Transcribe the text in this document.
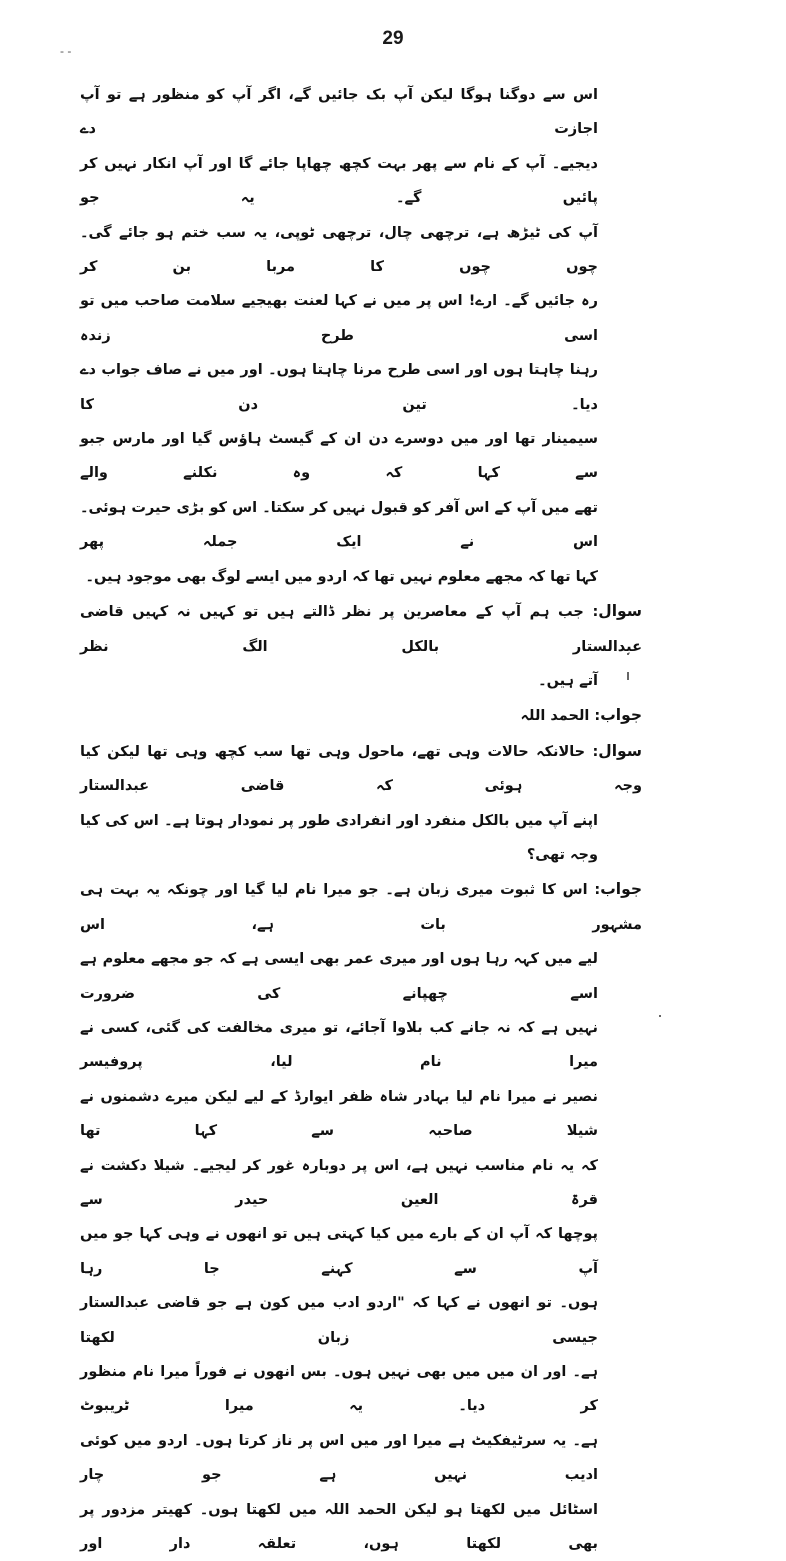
29
- -
اس سے دوگنا ہوگا لیکن آپ بک جائیں گے، اگر آپ کو منظور ہے تو آپ اجازت دے
دیجیے۔ آپ کے نام سے پھر بہت کچھ چھاپا جائے گا اور آپ انکار نہیں کر پائیں گے۔ یہ جو
آپ کی ٹیڑھ ہے، ترچھی چال، ترچھی ٹوپی، یہ سب ختم ہو جائے گی۔ چوں چوں کا مربا بن کر
رہ جائیں گے۔ ارے! اس پر میں نے کہا لعنت بھیجیے سلامت صاحب میں تو اسی طرح زندہ
رہنا چاہتا ہوں اور اسی طرح مرنا چاہتا ہوں۔ اور میں نے صاف جواب دے دیا۔ تین دن کا
سیمینار تھا اور میں دوسرے دن ان کے گیسٹ ہاؤس گیا اور مارس جبو سے کہا کہ وہ نکلنے والے
تھے میں آپ کے اس آفر کو قبول نہیں کر سکتا۔ اس کو بڑی حیرت ہوئی۔ اس نے ایک جملہ پھر
کہا تھا کہ مجھے معلوم نہیں تھا کہ اردو میں ایسے لوگ بھی موجود ہیں۔
سوال: جب ہم آپ کے معاصرین پر نظر ڈالتے ہیں تو کہیں نہ کہیں قاضی عبدالستار بالکل الگ نظر
آتے ہیں۔
جواب: الحمد اللہ
سوال: حالانکہ حالات وہی تھے، ماحول وہی تھا سب کچھ وہی تھا لیکن کیا وجہ ہوئی کہ قاضی عبدالستار
اپنے آپ میں بالکل منفرد اور انفرادی طور پر نمودار ہوتا ہے۔ اس کی کیا وجہ تھی؟
جواب: اس کا ثبوت میری زبان ہے۔ جو میرا نام لیا گیا اور چونکہ یہ بہت ہی مشہور بات ہے، اس
لیے میں کہہ رہا ہوں اور میری عمر بھی ایسی ہے کہ جو مجھے معلوم ہے اسے چھپانے کی ضرورت
نہیں ہے کہ نہ جانے کب بلاوا آجائے، تو میری مخالفت کی گئی، کسی نے میرا نام لیا، پروفیسر
نصیر نے میرا نام لیا بہادر شاہ ظفر ایوارڈ کے لیے لیکن میرے دشمنوں نے شیلا صاحبہ سے کہا تھا
کہ یہ نام مناسب نہیں ہے، اس پر دوبارہ غور کر لیجیے۔ شیلا دکشت نے قرۃ العین حیدر سے
پوچھا کہ آپ ان کے بارے میں کیا کہتی ہیں تو انھوں نے وہی کہا جو میں آپ سے کہنے جا رہا
ہوں۔ تو انھوں نے کہا کہ "اردو ادب میں کون ہے جو قاضی عبدالستار جیسی زبان لکھتا
ہے۔ اور ان میں میں بھی نہیں ہوں۔ بس انھوں نے فوراً میرا نام منظور کر دیا۔ یہ میرا ٹریبوٹ
ہے۔ یہ سرٹیفکیٹ ہے میرا اور میں اس پر ناز کرتا ہوں۔ اردو میں کوئی ادیب نہیں ہے جو چار
اسٹائل میں لکھتا ہو لیکن الحمد اللہ میں لکھتا ہوں۔ کھیتر مزدور پر بھی لکھتا ہوں، تعلقہ دار اور
